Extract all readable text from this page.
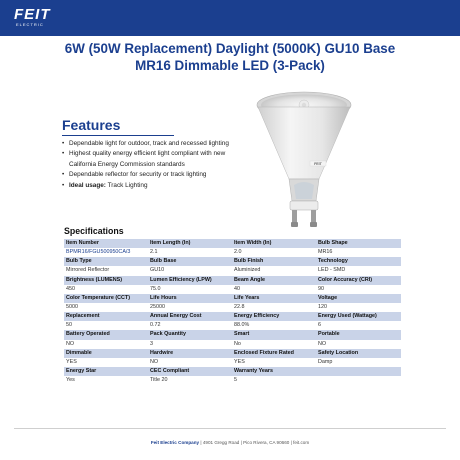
FEIT
ELECTRIC
6W (50W Replacement) Daylight (5000K) GU10 Base
MR16 Dimmable LED (3-Pack)
FEIT
Features
• Dependable light for outdoor, track and recessed lighting
• Highest quality energy efficient light compliant with new California Energy Commission standards
• Dependable reflector for security or track lighting
• Ideal usage: Track Lighting
Specifications
Item Number	Item Length (In)	Item Width (In)	Bulb Shape
BPMR16/FGU500950CA/3	2.1	2.0	MR16
Bulb Type	Bulb Base	Bulb Finish	Technology
Mirrored Reflector	GU10	Aluminized	LED - SMD
Brightness (LUMENS)	Lumen Efficiency (LPW)	Beam Angle	Color Accuracy (CRI)
450	75.0	40	90
Color Temperature (CCT)	Life Hours	Life Years	Voltage
5000	25000	22.8	120
Replacement	Annual Energy Cost	Energy Efficiency	Energy Used (Wattage)
50	0.72	88.0%	6
Battery Operated	Pack Quantity	Smart	Portable
NO	3	No	NO
Dimmable	Hardwire	Enclosed Fixture Rated	Safety Location
YES	NO	YES	Damp
Energy Star	CEC Compliant	Warranty Years	
Yes	Title 20	5	
Feit Electric Company | 4901 Gregg Road | Pico Rivera, CA 90660 | feit.com
